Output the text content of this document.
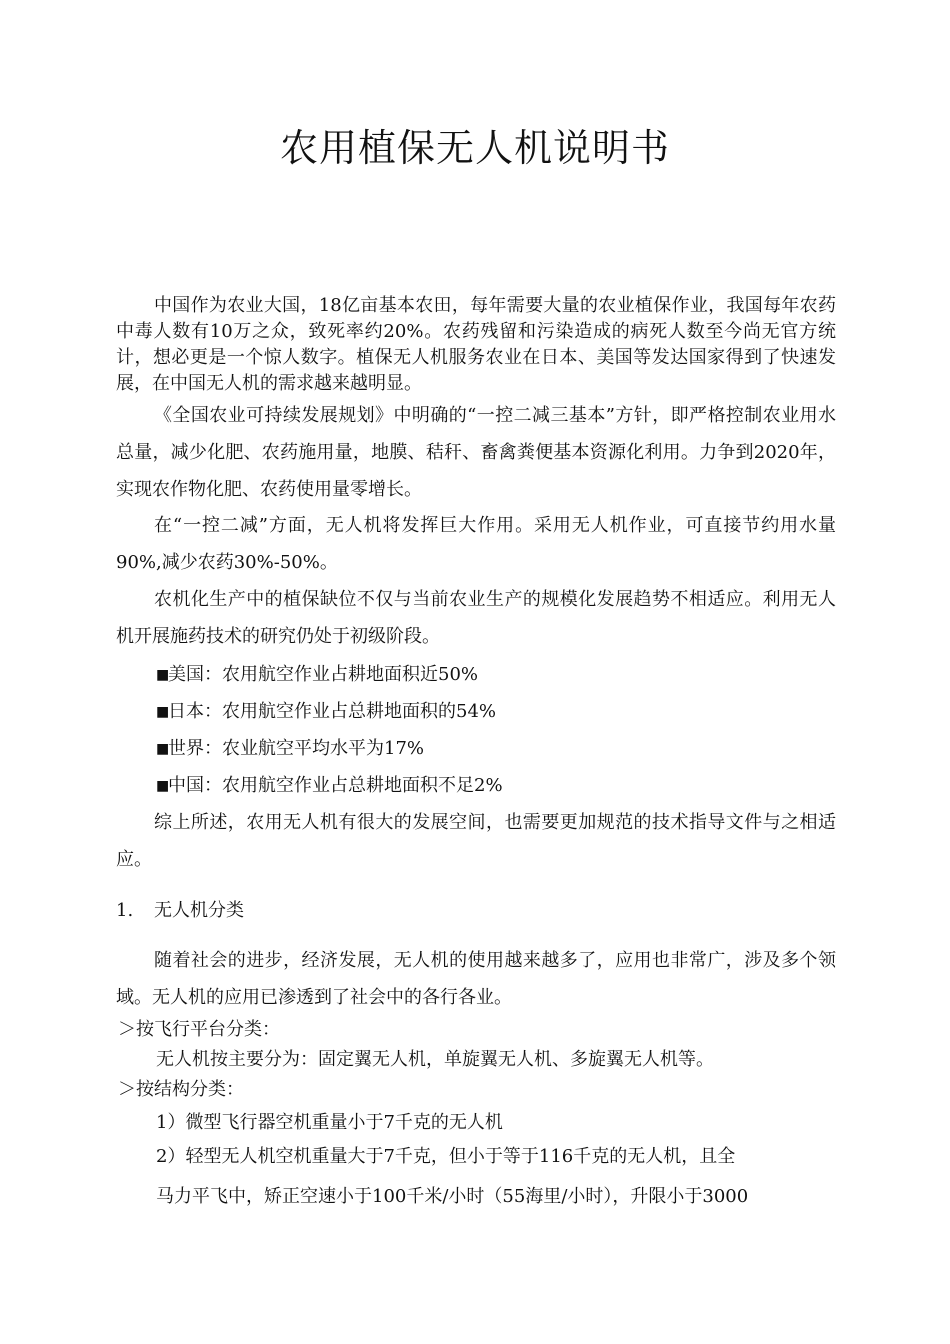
农用植保无人机说明书

中国作为农业大国，18亿亩基本农田，每年需要大量的农业植保作业，我国每年农药中毒人数有10万之众，致死率约20%。农药残留和污染造成的病死人数至今尚无官方统计，想必更是一个惊人数字。植保无人机服务农业在日本、美国等发达国家得到了快速发展，在中国无人机的需求越来越明显。

《全国农业可持续发展规划》中明确的“一控二减三基本”方针，即严格控制农业用水总量，减少化肥、农药施用量，地膜、秸秆、畜禽粪便基本资源化利用。力争到2020年，实现农作物化肥、农药使用量零增长。

在“一控二减”方面，无人机将发挥巨大作用。采用无人机作业，可直接节约用水量90%,减少农药30%-50%。

农机化生产中的植保缺位不仅与当前农业生产的规模化发展趋势不相适应。利用无人机开展施药技术的研究仍处于初级阶段。

■美国：农用航空作业占耕地面积近50%
■日本：农用航空作业占总耕地面积的54%
■世界：农业航空平均水平为17%
■中国：农用航空作业占总耕地面积不足2%

综上所述，农用无人机有很大的发展空间，也需要更加规范的技术指导文件与之相适应。

1. 无人机分类

随着社会的进步，经济发展，无人机的使用越来越多了，应用也非常广，涉及多个领域。无人机的应用已渗透到了社会中的各行各业。

＞按飞行平台分类：
无人机按主要分为：固定翼无人机，单旋翼无人机、多旋翼无人机等。
＞按结构分类：
1）微型飞行器空机重量小于7千克的无人机
2）轻型无人机空机重量大于7千克，但小于等于116千克的无人机，且全
马力平飞中，矫正空速小于100千米/小时（55海里/小时），升限小于3000
